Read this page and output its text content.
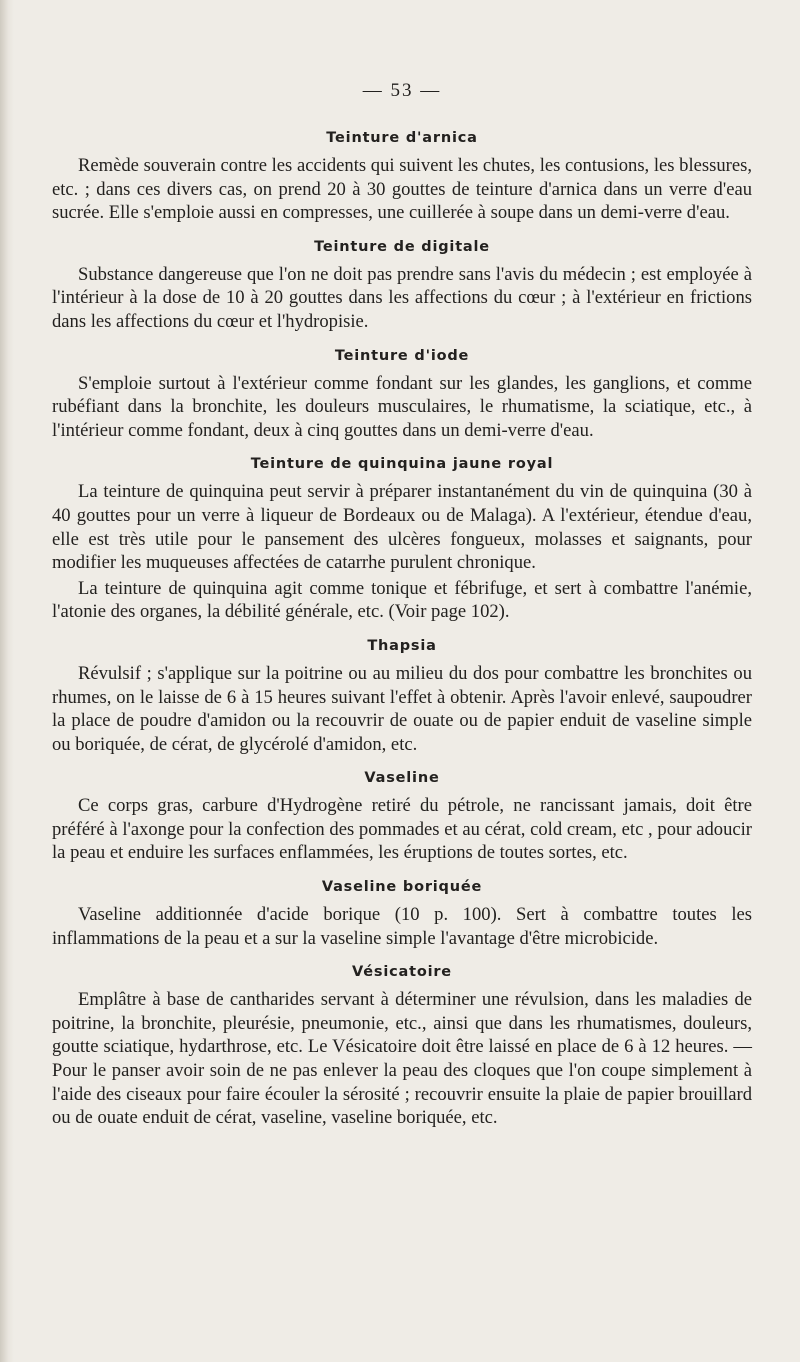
— 53 —
Teinture d'arnica

Remède souverain contre les accidents qui suivent les chutes, les contusions, les blessures, etc. ; dans ces divers cas, on prend 20 à 30 gouttes de teinture d'arnica dans un verre d'eau sucrée. Elle s'emploie aussi en compresses, une cuillerée à soupe dans un demi-verre d'eau.

Teinture de digitale

Substance dangereuse que l'on ne doit pas prendre sans l'avis du médecin ; est employée à l'intérieur à la dose de 10 à 20 gouttes dans les affections du cœur ; à l'extérieur en frictions dans les affections du cœur et l'hydropisie.

Teinture d'iode

S'emploie surtout à l'extérieur comme fondant sur les glandes, les ganglions, et comme rubéfiant dans la bronchite, les douleurs musculaires, le rhumatisme, la sciatique, etc., à l'intérieur comme fondant, deux à cinq gouttes dans un demi-verre d'eau.

Teinture de quinquina jaune royal

La teinture de quinquina peut servir à préparer instantanément du vin de quinquina (30 à 40 gouttes pour un verre à liqueur de Bordeaux ou de Malaga). A l'extérieur, étendue d'eau, elle est très utile pour le pansement des ulcères fongueux, molasses et saignants, pour modifier les muqueuses affectées de catarrhe purulent chronique.

La teinture de quinquina agit comme tonique et fébrifuge, et sert à combattre l'anémie, l'atonie des organes, la débilité générale, etc. (Voir page 102).

Thapsia

Révulsif ; s'applique sur la poitrine ou au milieu du dos pour combattre les bronchites ou rhumes, on le laisse de 6 à 15 heures suivant l'effet à obtenir. Après l'avoir enlevé, saupoudrer la place de poudre d'amidon ou la recouvrir de ouate ou de papier enduit de vaseline simple ou boriquée, de cérat, de glycérolé d'amidon, etc.

Vaseline

Ce corps gras, carbure d'Hydrogène retiré du pétrole, ne rancissant jamais, doit être préféré à l'axonge pour la confection des pommades et au cérat, cold cream, etc , pour adoucir la peau et enduire les surfaces enflammées, les éruptions de toutes sortes, etc.

Vaseline boriquée

Vaseline additionnée d'acide borique (10 p. 100). Sert à combattre toutes les inflammations de la peau et a sur la vaseline simple l'avantage d'être microbicide.

Vésicatoire

Emplâtre à base de cantharides servant à déterminer une révulsion, dans les maladies de poitrine, la bronchite, pleurésie, pneumonie, etc., ainsi que dans les rhumatismes, douleurs, goutte sciatique, hydarthrose, etc. Le Vésicatoire doit être laissé en place de 6 à 12 heures. — Pour le panser avoir soin de ne pas enlever la peau des cloques que l'on coupe simplement à l'aide des ciseaux pour faire écouler la sérosité ; recouvrir ensuite la plaie de papier brouillard ou de ouate enduit de cérat, vaseline, vaseline boriquée, etc.
